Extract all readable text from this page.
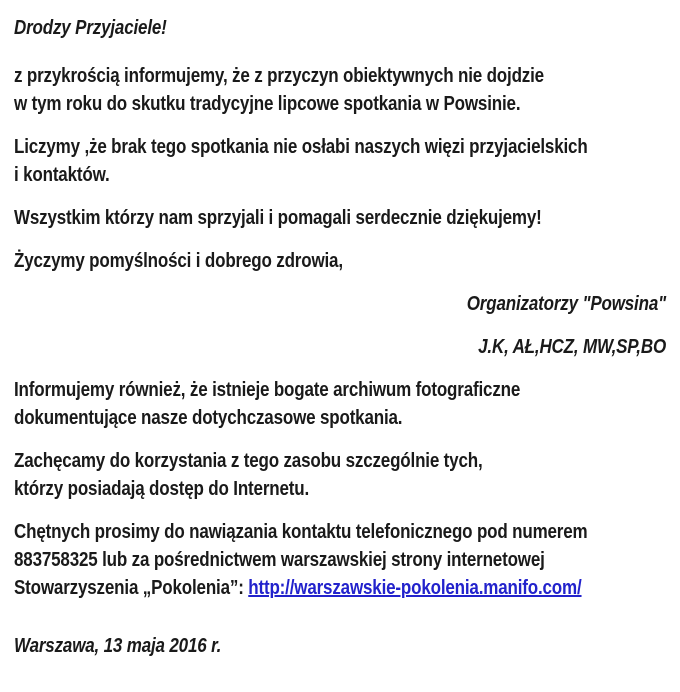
Drodzy Przyjaciele!

z przykrością informujemy, że z przyczyn obiektywnych nie dojdzie
w tym roku do skutku tradycyjne lipcowe spotkania w Powsinie.

Liczymy ,że brak tego spotkania nie osłabi naszych więzi przyjacielskich
i kontaktów.

Wszystkim którzy nam sprzyjali i pomagali serdecznie dziękujemy!

Życzymy pomyślności i dobrego zdrowia,

Organizatorzy "Powsina"

J.K, AŁ,HCZ, MW,SP,BO

Informujemy również, że istnieje bogate archiwum fotograficzne
dokumentujące nasze dotychczasowe spotkania.

Zachęcamy do korzystania z tego zasobu szczególnie tych,
którzy posiadają dostęp do Internetu.

Chętnych prosimy do nawiązania kontaktu telefonicznego pod numerem
883758325 lub za pośrednictwem warszawskiej strony internetowej
Stowarzyszenia „Pokolenia”: http://warszawskie-pokolenia.manifo.com/

Warszawa, 13 maja 2016 r.
